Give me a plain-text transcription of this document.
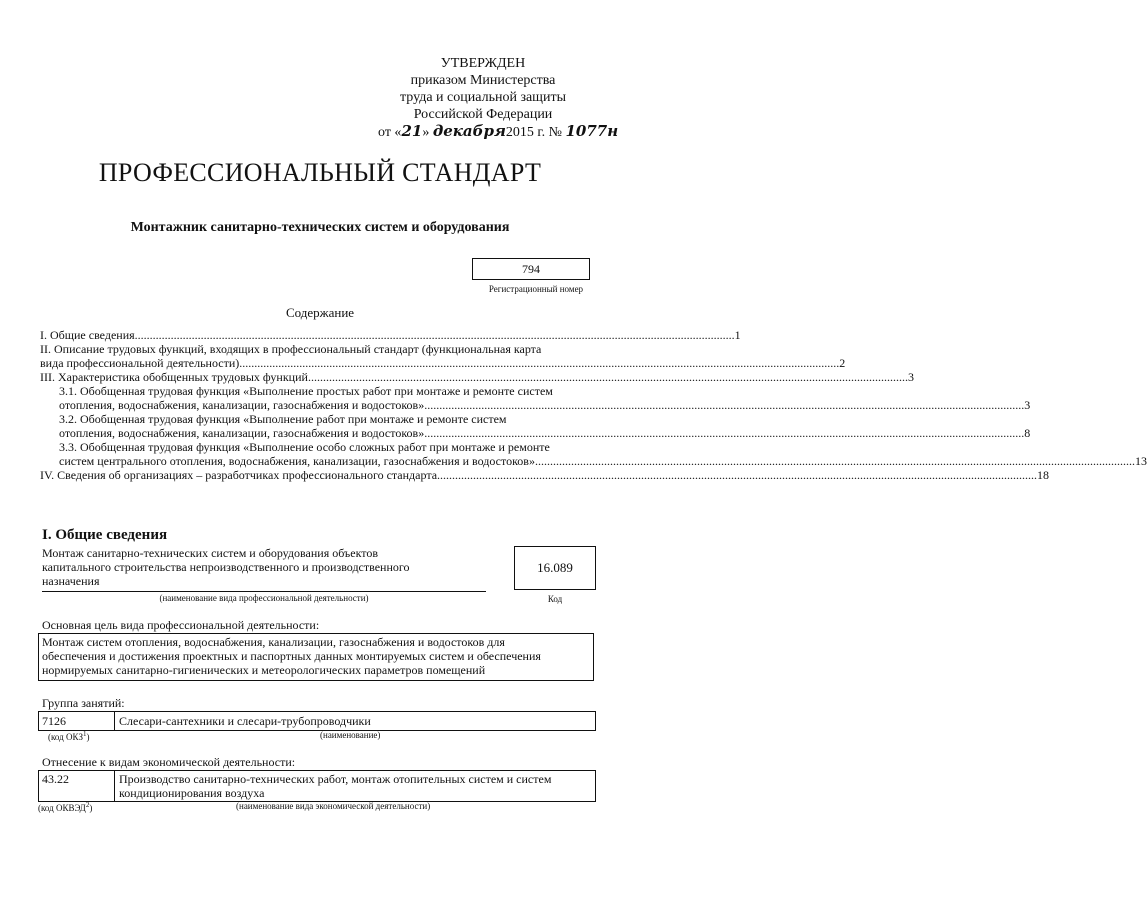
УТВЕРЖДЕН
приказом Министерства
труда и социальной защиты
Российской Федерации
от «21» декабря2015 г. № 1077н
ПРОФЕССИОНАЛЬНЫЙ СТАНДАРТ
Монтажник санитарно-технических систем и оборудования
794
Регистрационный номер
Содержание
I. Общие сведения .....	1
II. Описание трудовых функций, входящих в профессиональный стандарт (функциональная карта
вида профессиональной деятельности) .....	2
III. Характеристика обобщенных трудовых функций .....	3
3.1. Обобщенная трудовая функция «Выполнение простых работ при монтаже и ремонте систем
отопления, водоснабжения, канализации, газоснабжения и водостоков» .....	3
3.2. Обобщенная трудовая функция «Выполнение работ при монтаже и ремонте систем
отопления, водоснабжения, канализации, газоснабжения и водостоков» .....	8
3.3. Обобщенная трудовая функция «Выполнение особо сложных работ при монтаже и ремонте
систем центрального отопления, водоснабжения, канализации, газоснабжения и водостоков» .....	13
IV. Сведения об организациях – разработчиках профессионального стандарта .....	18
I. Общие сведения
Монтаж санитарно-технических систем и оборудования объектов
капитального строительства непроизводственного и производственного
назначения
(наименование вида профессиональной деятельности)
16.089
Код
Основная цель вида профессиональной деятельности:
Монтаж систем отопления, водоснабжения, канализации, газоснабжения и водостоков для
обеспечения и достижения проектных и паспортных данных монтируемых систем и обеспечения
нормируемых санитарно-гигиенических и метеорологических параметров помещений
Группа занятий:
7126	Слесари-сантехники и слесари-трубопроводчики
(код ОКЗ$^1$)	(наименование)
Отнесение к видам экономической деятельности:
43.22	Производство санитарно-технических работ, монтаж отопительных систем и систем
кондиционирования воздуха
(код ОКВЭД$^2$)	(наименование вида экономической деятельности)
